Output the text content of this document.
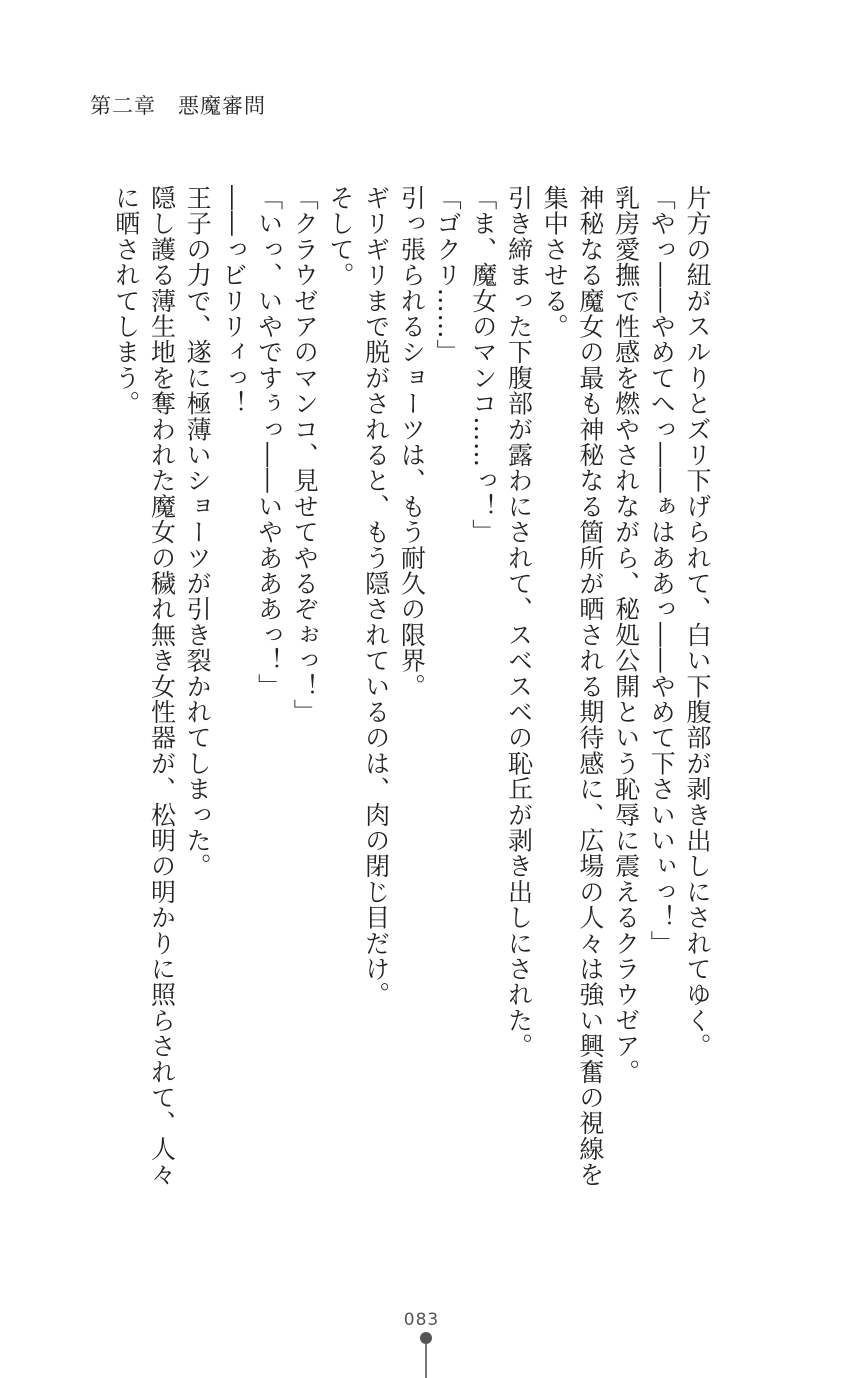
第二章　悪魔審問

片方の紐がスルりとズリ下げられて、白い下腹部が剥き出しにされてゆく。

「やっ――やめてへっ――ぁはああっ――やめて下さいいぃっ！」

乳房愛撫で性感を燃やされながら、秘処公開という恥辱に震えるクラウゼア。

神秘なる魔女の最も神秘なる箇所が晒される期待感に、広場の人々は強い興奮の視線を

集中させる。

引き締まった下腹部が露わにされて、スベスベの恥丘が剥き出しにされた。

「ま、魔女のマンコ……っ！」

「ゴクリ……」

引っ張られるショーツは、もう耐久の限界。

ギリギリまで脱がされると、もう隠されているのは、肉の閉じ目だけ。

そして。

「クラウゼアのマンコ、見せてやるぞぉっ！」

「いっ、いやですぅっ――いやあああっ！」

――っビリリィっ！

王子の力で、遂に極薄いショーツが引き裂かれてしまった。

隠し護る薄生地を奪われた魔女の穢れ無き女性器が、松明の明かりに照らされて、人々

に晒されてしまう。

083
